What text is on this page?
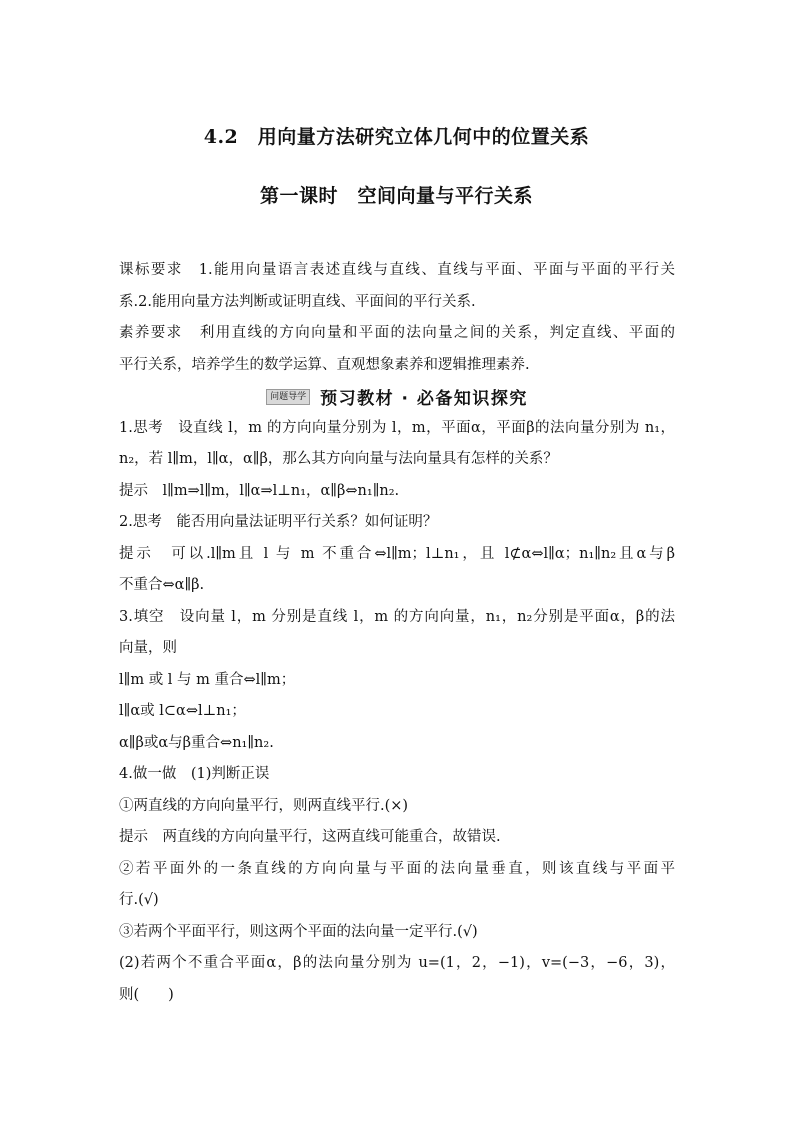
4.2　用向量方法研究立体几何中的位置关系
第一课时　空间向量与平行关系
课标要求 1.能用向量语言表述直线与直线、直线与平面、平面与平面的平行关
系.2.能用向量方法判断或证明直线、平面间的平行关系.
素养要求 利用直线的方向向量和平面的法向量之间的关系，判定直线、平面的
平行关系，培养学生的数学运算、直观想象素养和逻辑推理素养.
问题导学 预习教材 · 必备知识探究
1.思考　设直线 l，m 的方向向量分别为 l，m，平面α，平面β的法向量分别为 n₁，
n₂，若 l∥m，l∥α，α∥β，那么其方向向量与法向量具有怎样的关系？
提示　l∥m⇒l∥m，l∥α⇒l⊥n₁，α∥β⇔n₁∥n₂.
2.思考　能否用向量法证明平行关系？如何证明？
提示　可以.l∥m且 l 与 m 不重合⇔l∥m；l⊥n₁，且 l⊄α⇔l∥α；n₁∥n₂且α与β
不重合⇔α∥β.
3.填空　设向量 l，m 分别是直线 l，m 的方向向量，n₁，n₂分别是平面α，β的法
向量，则
l∥m 或 l 与 m 重合⇔l∥m；
l∥α或 l⊂α⇔l⊥n₁；
α∥β或α与β重合⇔n₁∥n₂.
4.做一做　(1)判断正误
①两直线的方向向量平行，则两直线平行.(×)
提示　两直线的方向向量平行，这两直线可能重合，故错误.
②若平面外的一条直线的方向向量与平面的法向量垂直，则该直线与平面平
行.(√)
③若两个平面平行，则这两个平面的法向量一定平行.(√)
(2)若两个不重合平面α，β的法向量分别为 u=(1，2，−1)，v=(−3，−6，3)，
则(　　)
